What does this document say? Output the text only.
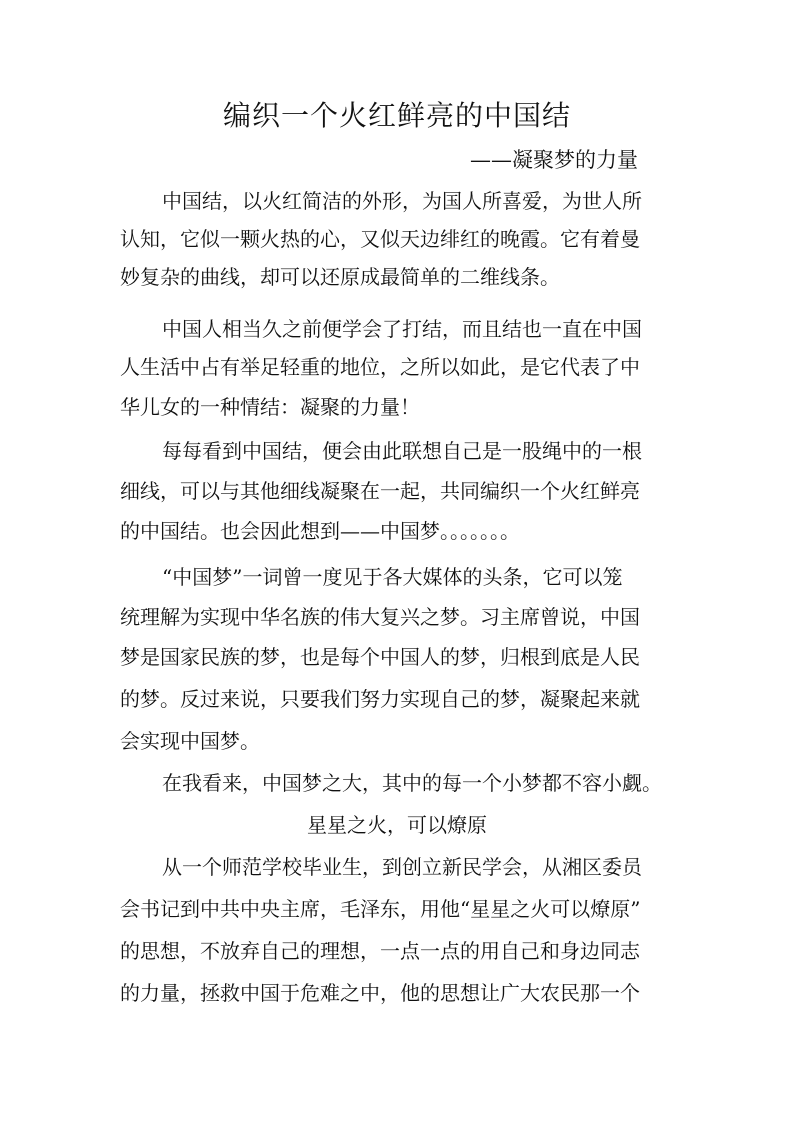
编织一个火红鲜亮的中国结
——凝聚梦的力量
中国结，以火红简洁的外形，为国人所喜爱，为世人所
认知，它似一颗火热的心，又似天边绯红的晚霞。它有着曼
妙复杂的曲线，却可以还原成最简单的二维线条。
中国人相当久之前便学会了打结，而且结也一直在中国
人生活中占有举足轻重的地位，之所以如此，是它代表了中
华儿女的一种情结：凝聚的力量！
每每看到中国结，便会由此联想自己是一股绳中的一根
细线，可以与其他细线凝聚在一起，共同编织一个火红鲜亮
的中国结。也会因此想到——中国梦。。。。。。。
“中国梦”一词曾一度见于各大媒体的头条，它可以笼
统理解为实现中华名族的伟大复兴之梦。习主席曾说，中国
梦是国家民族的梦，也是每个中国人的梦，归根到底是人民
的梦。反过来说，只要我们努力实现自己的梦，凝聚起来就
会实现中国梦。
在我看来，中国梦之大，其中的每一个小梦都不容小觑。
星星之火，可以燎原
从一个师范学校毕业生，到创立新民学会，从湘区委员
会书记到中共中央主席，毛泽东，用他“星星之火可以燎原”
的思想，不放弃自己的理想，一点一点的用自己和身边同志
的力量，拯救中国于危难之中，他的思想让广大农民那一个
